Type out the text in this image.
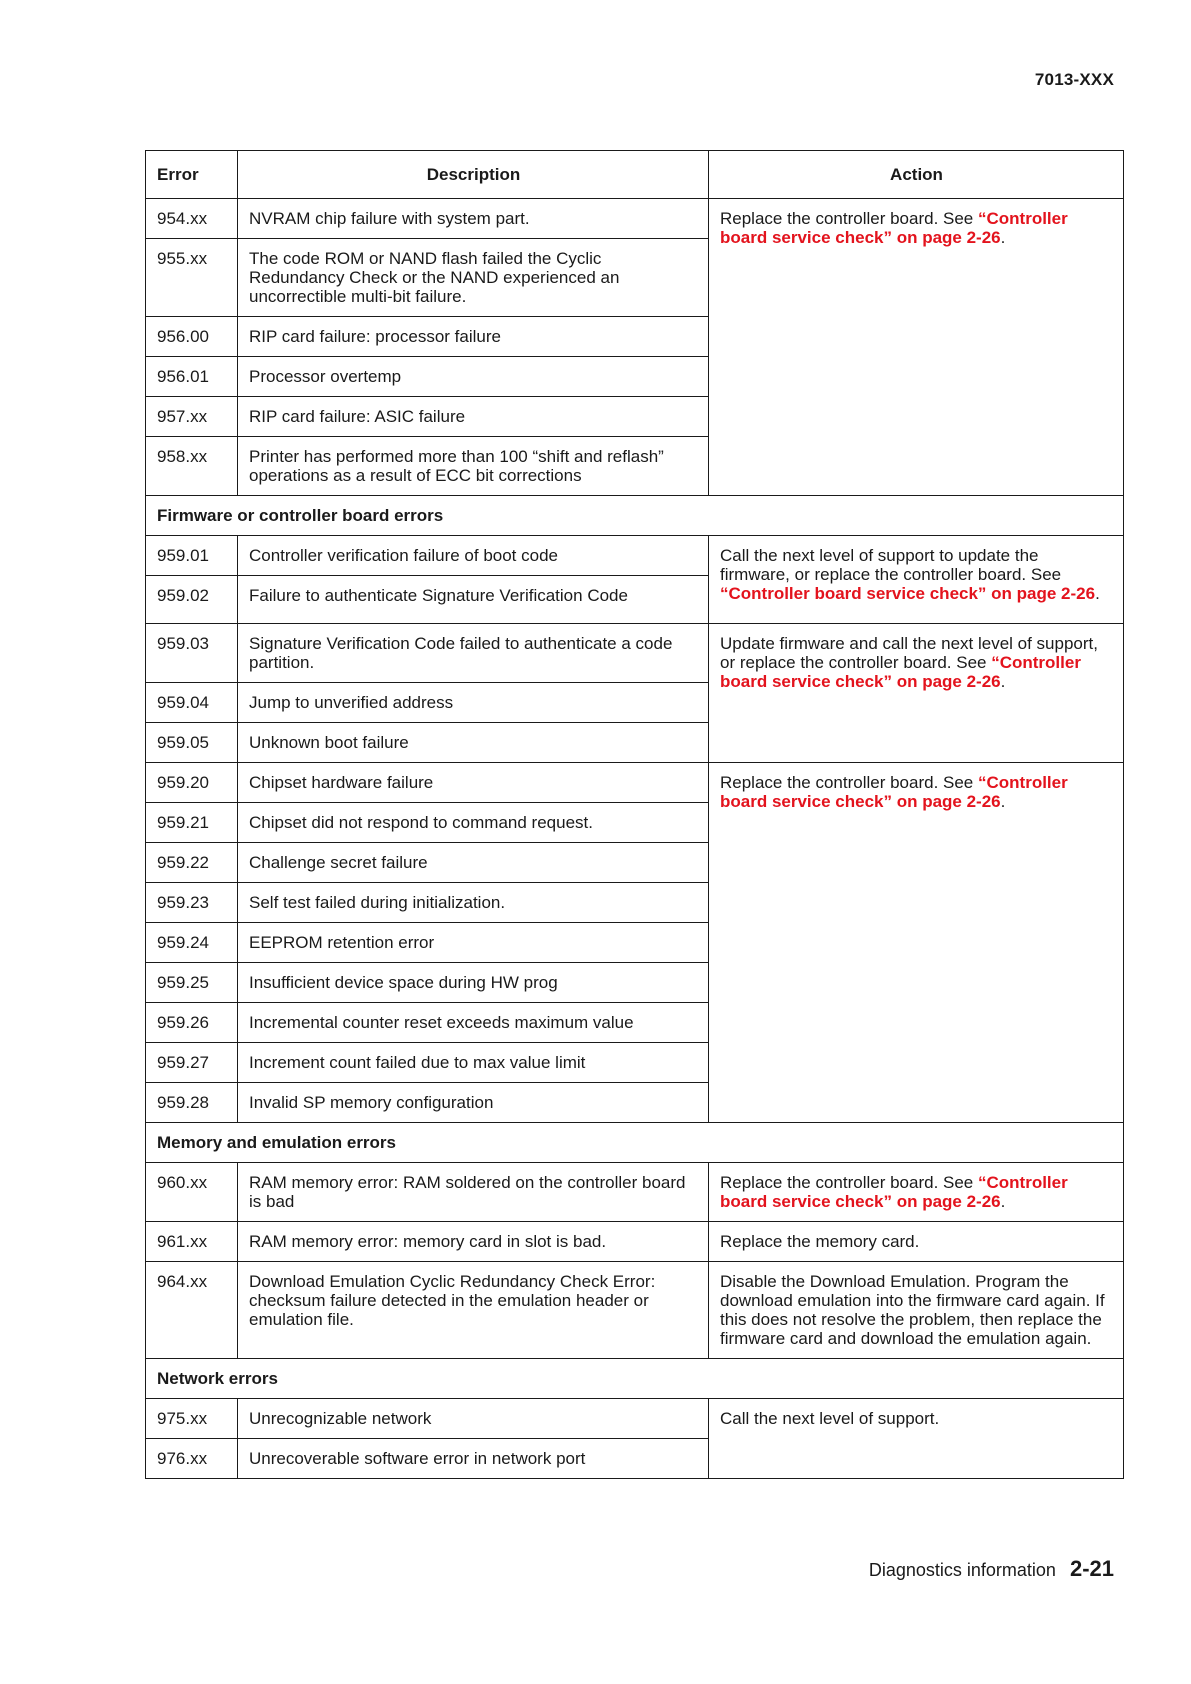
7013-XXX
Error	Description	Action
954.xx	NVRAM chip failure with system part.	Replace the controller board. See “Controller board service check” on page 2-26.
955.xx	The code ROM or NAND flash failed the Cyclic Redundancy Check or the NAND experienced an uncorrectible multi-bit failure.	
956.00	RIP card failure: processor failure	
956.01	Processor overtemp	
957.xx	RIP card failure: ASIC failure	
958.xx	Printer has performed more than 100 “shift and reflash” operations as a result of ECC bit corrections	
Firmware or controller board errors		
959.01	Controller verification failure of boot code	Call the next level of support to update the firmware, or replace the controller board. See “Controller board service check” on page 2-26.
959.02	Failure to authenticate Signature Verification Code	
959.03	Signature Verification Code failed to authenticate a code partition.	Update firmware and call the next level of support, or replace the controller board. See “Controller board service check” on page 2-26.
959.04	Jump to unverified address	
959.05	Unknown boot failure	
959.20	Chipset hardware failure	Replace the controller board. See “Controller board service check” on page 2-26.
959.21	Chipset did not respond to command request.	
959.22	Challenge secret failure	
959.23	Self test failed during initialization.	
959.24	EEPROM retention error	
959.25	Insufficient device space during HW prog	
959.26	Incremental counter reset exceeds maximum value	
959.27	Increment count failed due to max value limit	
959.28	Invalid SP memory configuration	
Memory and emulation errors		
960.xx	RAM memory error: RAM soldered on the controller board is bad	Replace the controller board. See “Controller board service check” on page 2-26.
961.xx	RAM memory error: memory card in slot is bad.	Replace the memory card.
964.xx	Download Emulation Cyclic Redundancy Check Error: checksum failure detected in the emulation header or emulation file.	Disable the Download Emulation. Program the download emulation into the firmware card again. If this does not resolve the problem, then replace the firmware card and download the emulation again.
Network errors		
975.xx	Unrecognizable network	Call the next level of support.
976.xx	Unrecoverable software error in network port	
Diagnostics information 2-21
